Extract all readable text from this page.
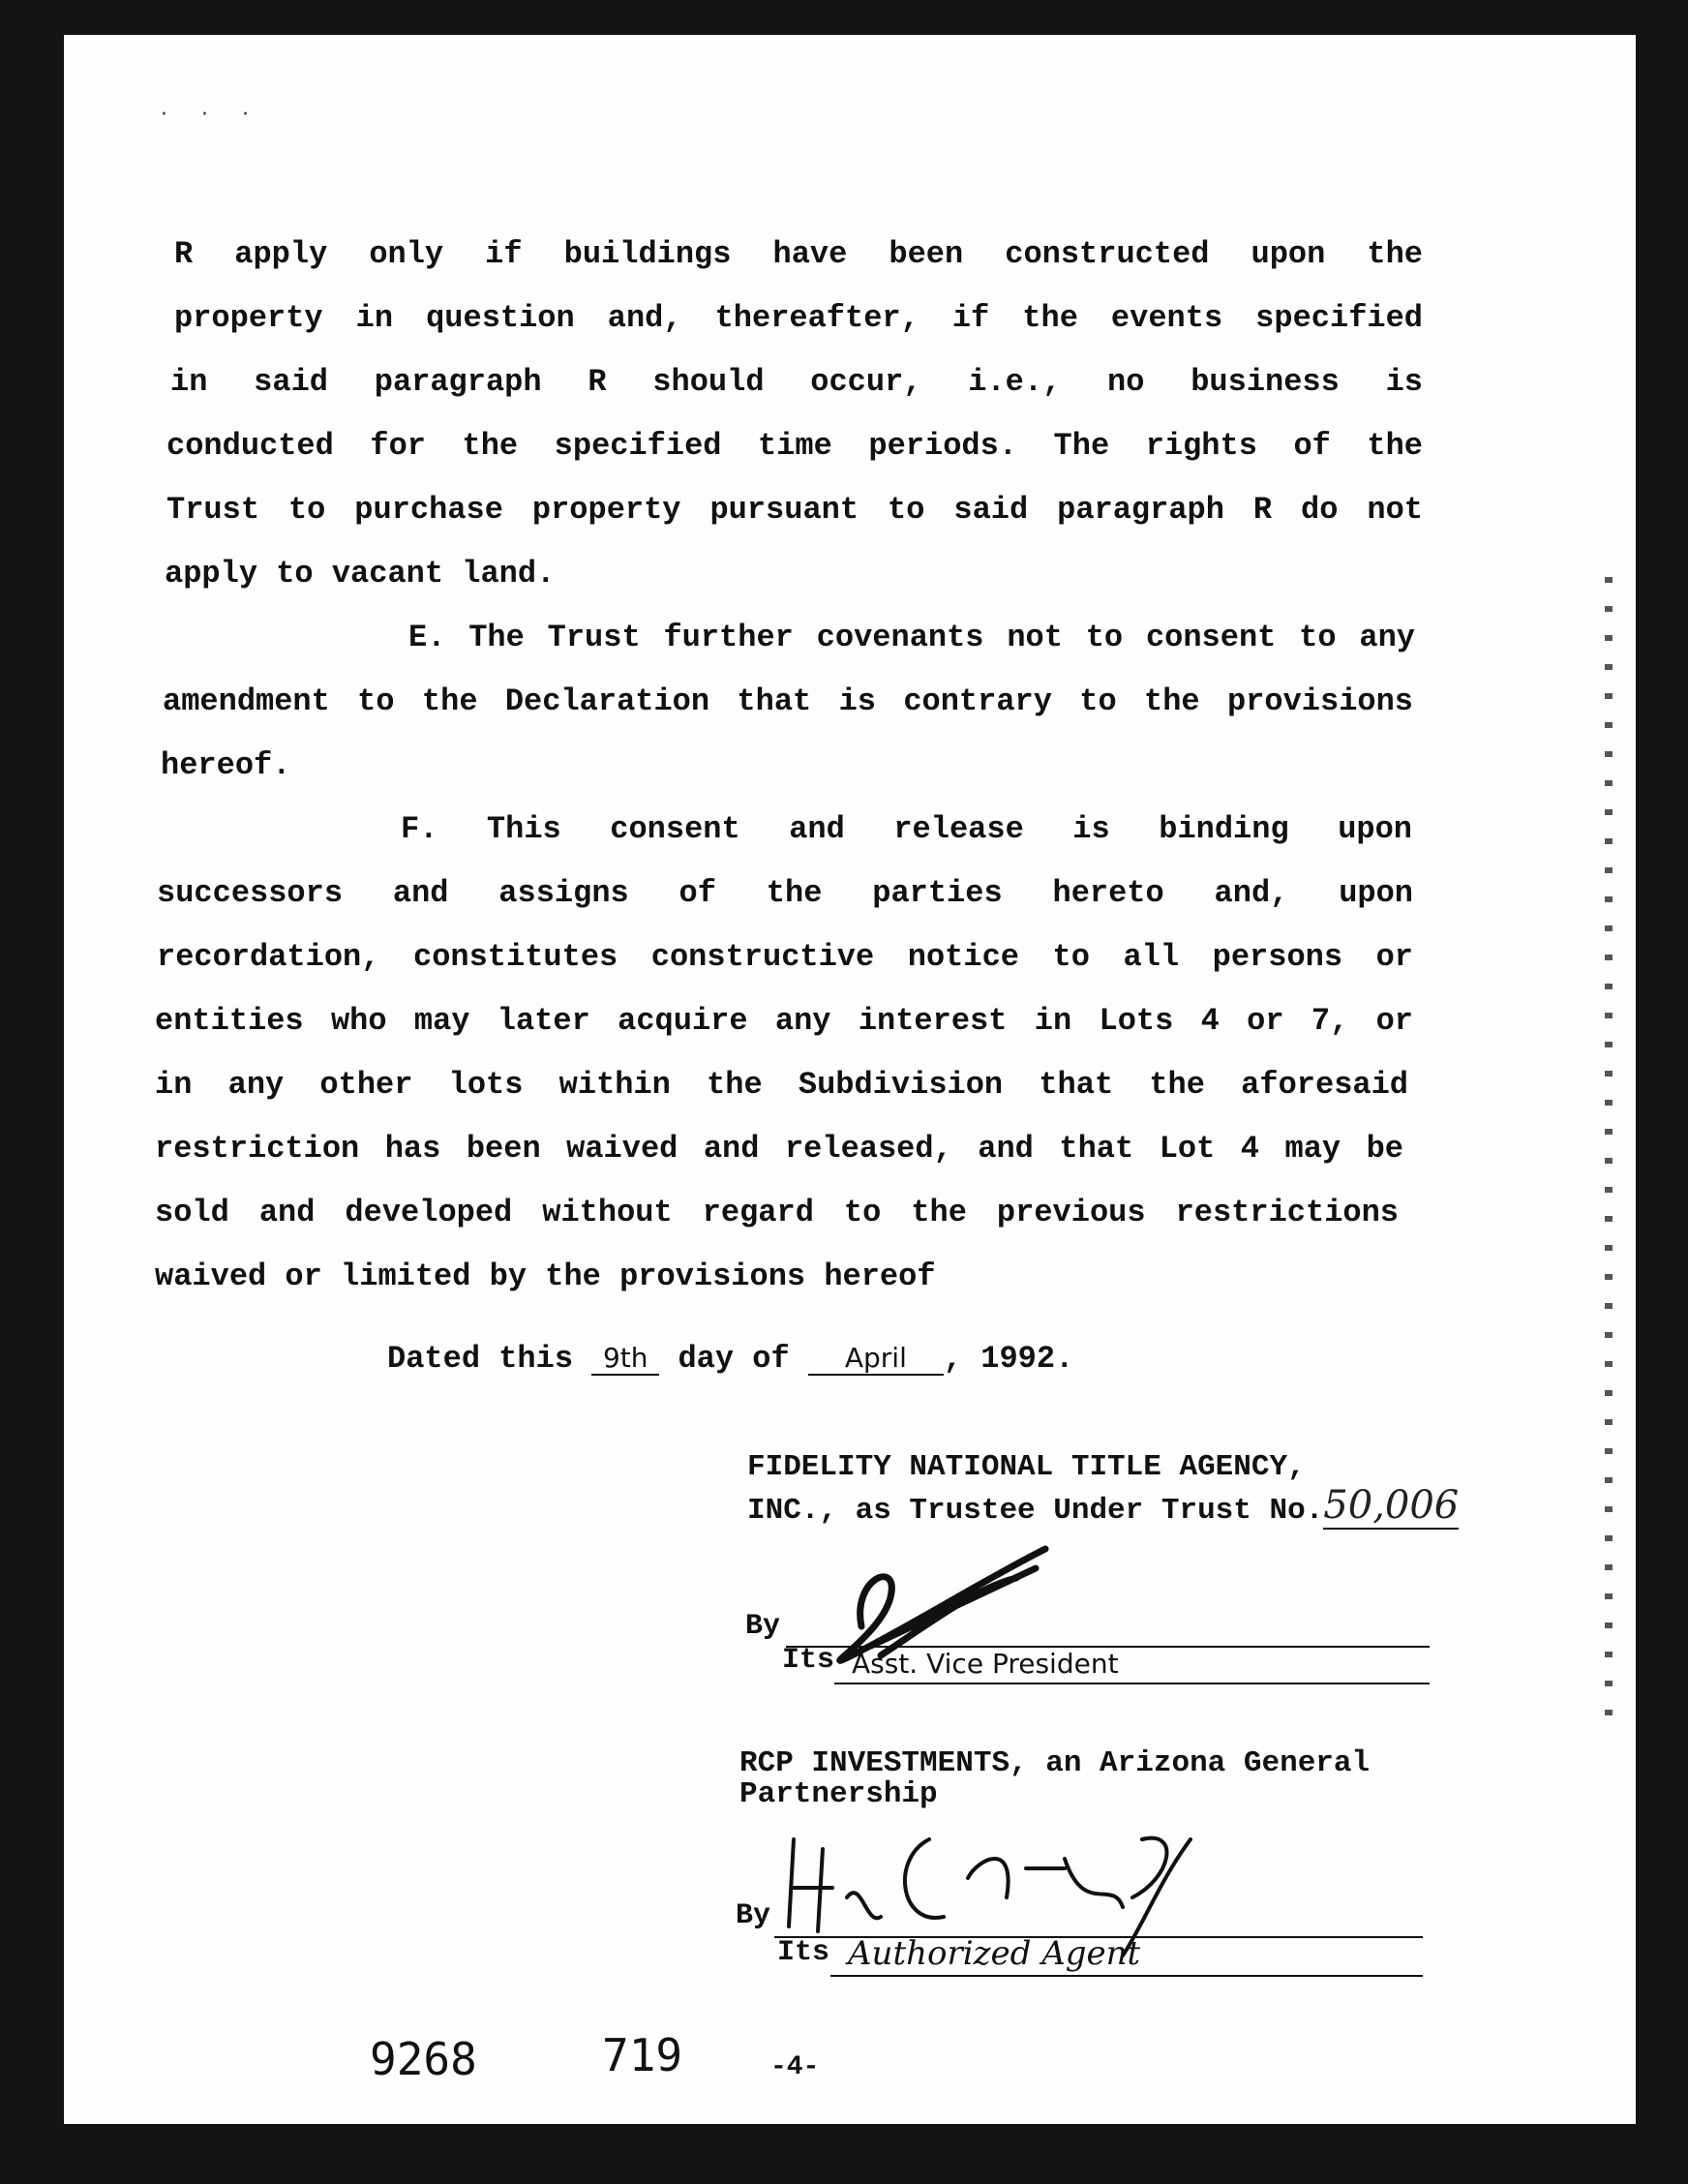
· · ·
R apply only if buildings have been constructed upon the
property in question and, thereafter, if the events specified
in said paragraph R should occur, i.e., no business is
conducted for the specified time periods. The rights of the
Trust to purchase property pursuant to said paragraph R do not
apply to vacant land.
E. The Trust further covenants not to consent to any
amendment to the Declaration that is contrary to the provisions
hereof.
F. This consent and release is binding upon
successors and assigns of the parties hereto and, upon
recordation, constitutes constructive notice to all persons or
entities who may later acquire any interest in Lots 4 or 7, or
in any other lots within the Subdivision that the aforesaid
restriction has been waived and released, and that Lot 4 may be
sold and developed without regard to the previous restrictions
waived or limited by the provisions hereof
Dated this 9th day of April , 1992.
FIDELITY NATIONAL TITLE AGENCY,
INC., as Trustee Under Trust No.50,006
By
Its Asst. Vice President
RCP INVESTMENTS, an Arizona General
Partnership
By
Its Authorized Agent
9268	719	-4-
